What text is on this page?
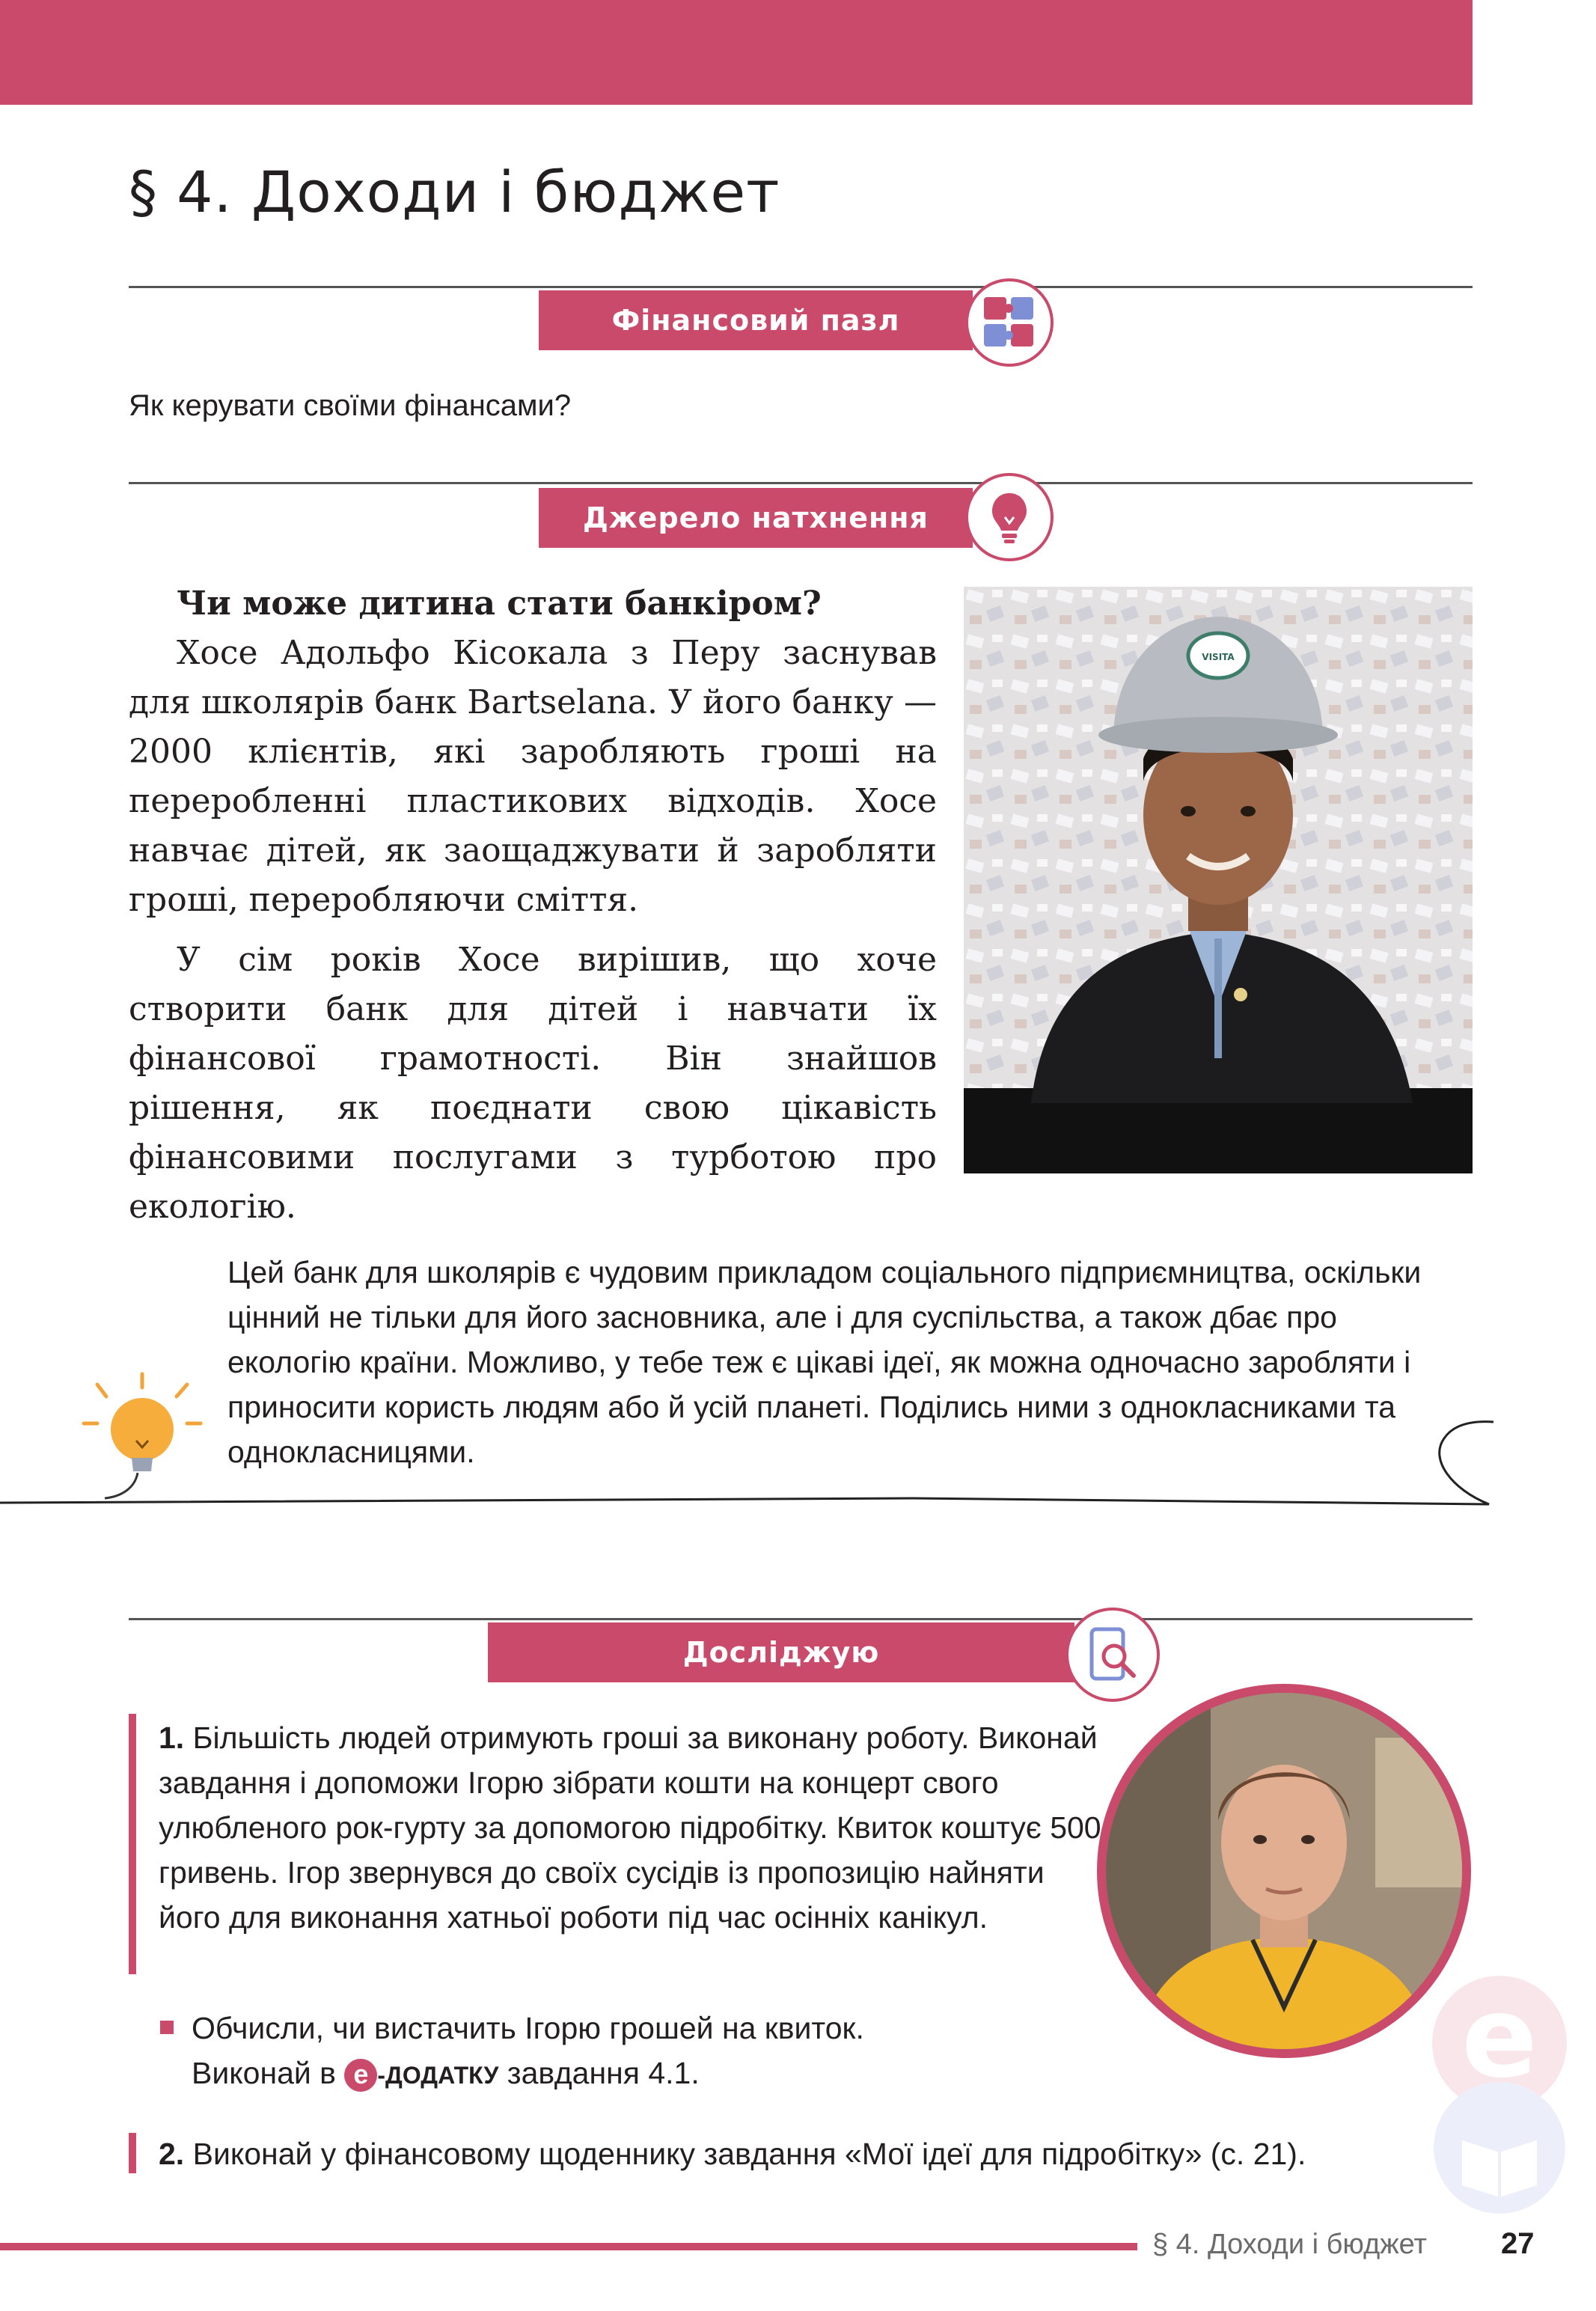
§ 4. Доходи і бюджет
Фінансовий пазл
Як керувати своїми фінансами?
Джерело натхнення
Чи може дитина стати банкіром?

Хосе Адольфо Кісокала з Перу заснував для школярів банк Bartselana. У його банку — 2000 клієнтів, які заробляють гроші на переробленні пластикових відходів. Хосе навчає дітей, як заощаджувати й заробляти гроші, переробляючи сміття.

У сім років Хосе вирішив, що хоче створити банк для дітей і навчати їх фінансової грамотності. Він знайшов рішення, як поєднати свою цікавість фінансовими послугами з турботою про екологію.

VISITA
Цей банк для школярів є чудовим прикладом соціального підприємництва, оскільки цінний не тільки для його засновника, але і для суспільства, а також дбає про екологію країни. Можливо, у тебе теж є цікаві ідеї, як можна одночасно заробляти і приносити користь людям або й усій планеті. Поділись ними з однокласниками та однокласницями.
Досліджую
1. Більшість людей отримують гроші за виконану роботу. Виконай завдання і допоможи Ігорю зібрати кошти на концерт свого улюбленого рок-гурту за допомогою підробітку. Квиток коштує 500 гривень. Ігор звернувся до своїх сусідів із пропозицію найняти його для виконання хатньої роботи під час осінніх канікул.
Обчисли, чи вистачить Ігорю грошей на квиток.
Виконай в e -ДОДАТКУ завдання 4.1.
2. Виконай у фінансовому щоденнику завдання «Мої ідеї для підробітку» (с. 21).
e
§ 4. Доходи і бюджет 27
